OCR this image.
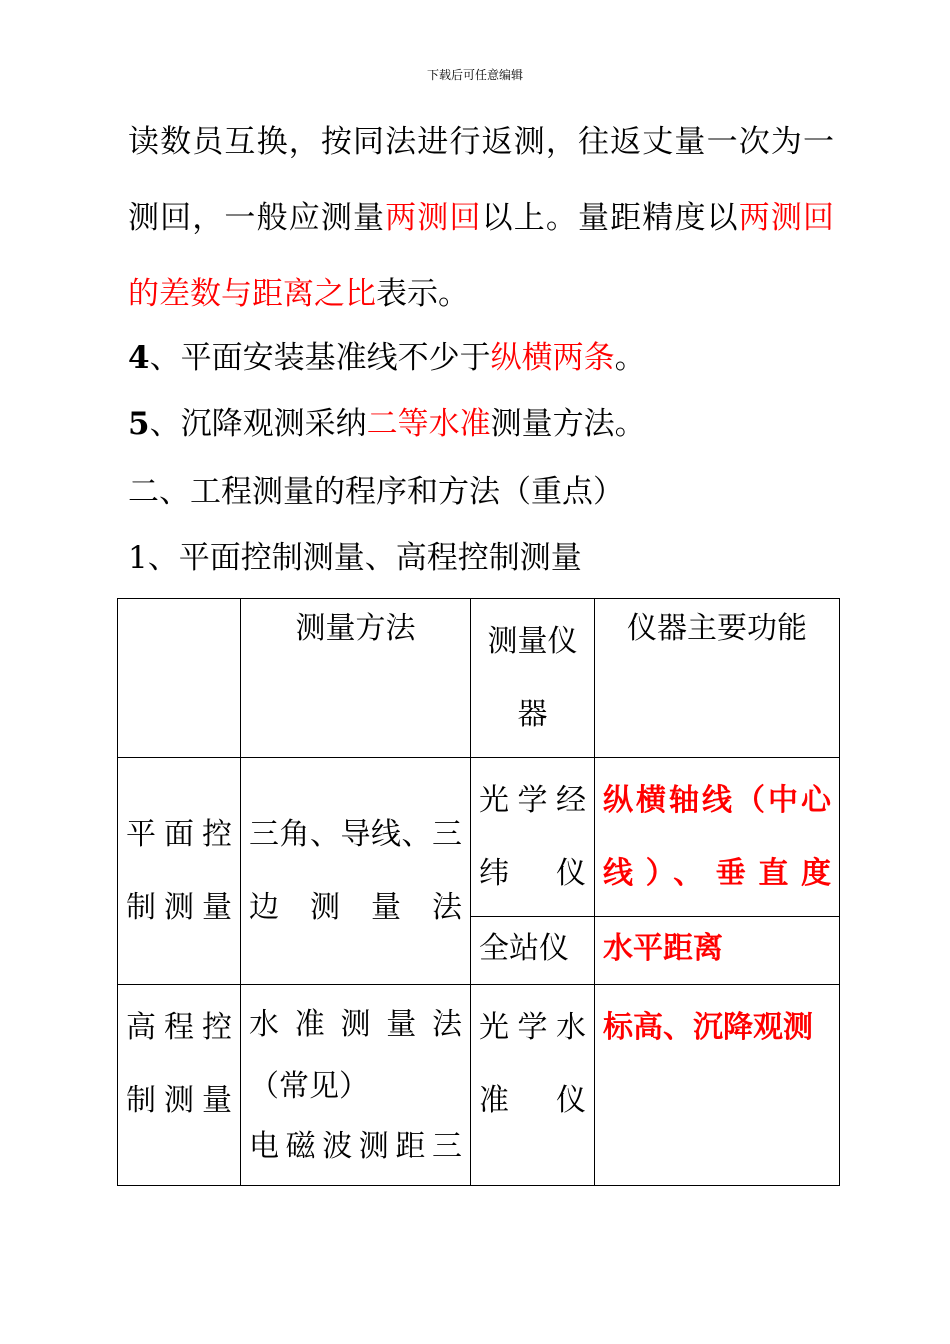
下载后可任意编辑
读数员互换，按同法进行返测，往返丈量一次为一
测回，一般应测量两测回以上。量距精度以两测回
的差数与距离之比表示。
4、平面安装基准线不少于纵横两条。
5、沉降观测采纳二等水准测量方法。
二、工程测量的程序和方法（重点）
1、平面控制测量、高程控制测量
	测量方法	测量仪器	仪器主要功能
平面控制测量	三角、导线、三边测量法	光学经纬仪	纵横轴线（中心线）、垂直度
		全站仪	水平距离
高程控制测量	水准测量法
（常见）
电磁波测距三	光学水准仪	标高、沉降观测
